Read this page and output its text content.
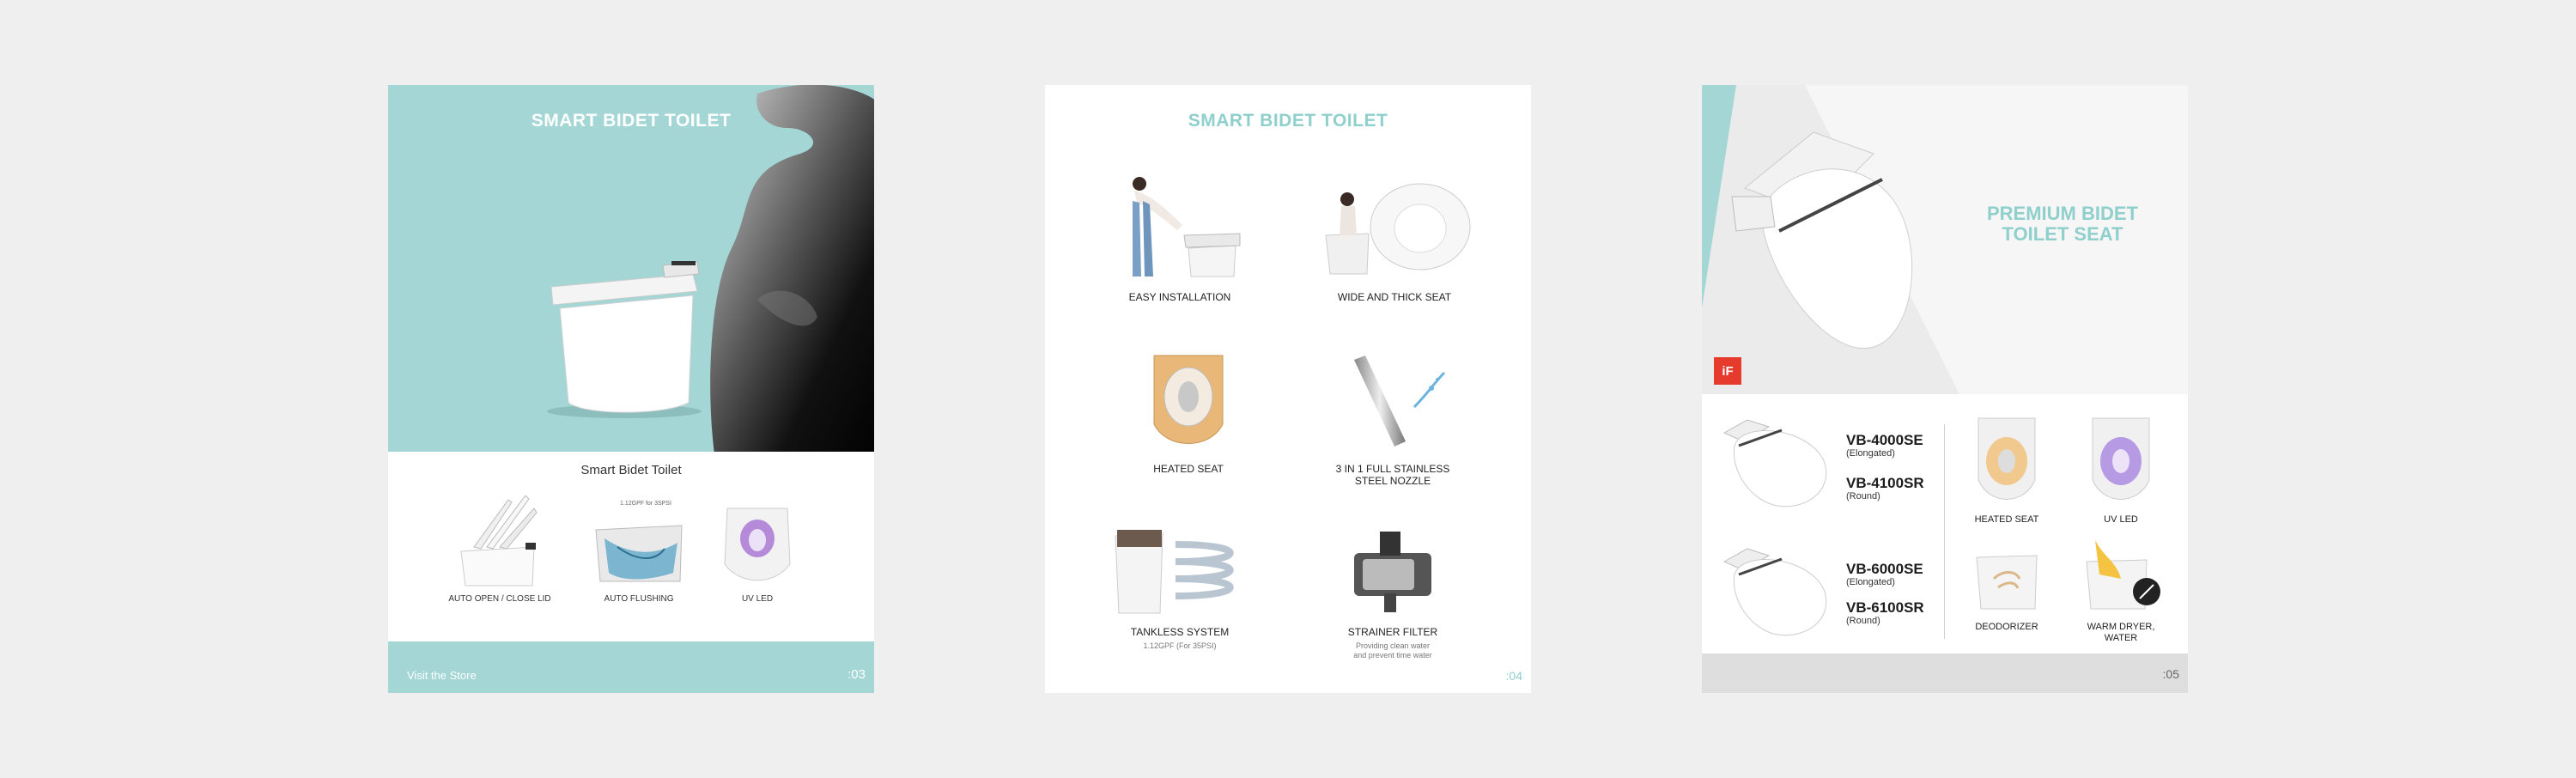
SMART BIDET TOILET
Smart Bidet Toilet
AUTO OPEN / CLOSE LID
1.12GPF for 3SPSI
AUTO FLUSHING	UV LED
Visit the Store	:03
SMART BIDET TOILET
EASY INSTALLATION	WIDE AND THICK SEAT
HEATED SEAT	3 IN 1 FULL STAINLESS
STEEL NOZZLE
TANKLESS SYSTEM
1.12GPF (For 35PSI)
STRAINER FILTER
Providing clean water
and prevent time water
:04
PREMIUM BIDET
TOILET SEAT
iF
VB-4000SE
(Elongated)
VB-4100SR
(Round)
VB-6000SE
(Elongated)
VB-6100SR
(Round)
HEATED SEAT	UV LED
DEODORIZER	WARM DRYER,
WATER
:05
